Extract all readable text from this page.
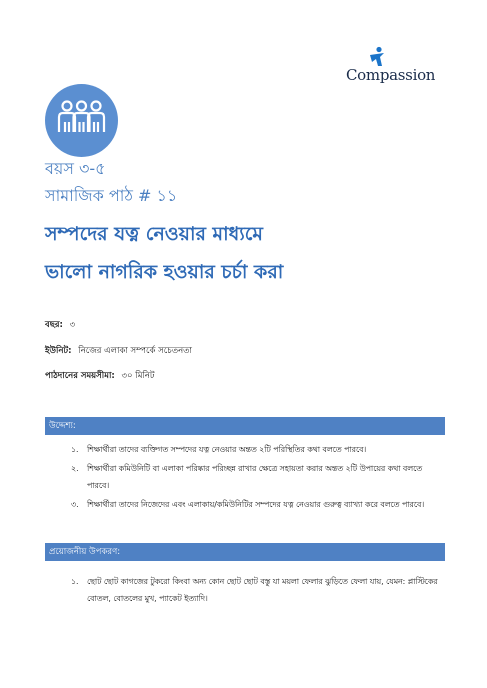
Compassion
বয়স ৩-৫
সামাজিক পাঠ # ১১
সম্পদের যত্ন নেওয়ার মাধ্যমে
ভালো নাগরিক হওয়ার চর্চা করা
বছর: ৩
ইউনিট: নিজের এলাকা সম্পর্কে সচেতনতা
পাঠদানের সময়সীমা: ৩০ মিনিট
উদ্দেশ্য:
১. শিক্ষার্থীরা তাদের ব্যক্তিগত সম্পদের যত্ন নেওয়ার অন্তত ২টি পরিস্থিতির কথা বলতে পারবে।
২. শিক্ষার্থীরা কমিউনিটি বা এলাকা পরিষ্কার পরিচ্ছন্ন রাখার ক্ষেত্রে সহায়তা করার অন্তত ২টি উপায়ের কথা বলতে পারবে।
৩. শিক্ষার্থীরা তাদের নিজেদের এবং এলাকায়/কমিউনিটির সম্পদের যত্ন নেওয়ার গুরুত্ব ব্যাখ্যা করে বলতে পারবে।
প্রয়োজনীয় উপকরণ:
১. ছোট ছোট কাগজের টুকরো কিংবা অন্য কোন ছোট ছোট বস্তু যা ময়লা ফেলার ঝুড়িতে ফেলা যায়, যেমন: প্লাস্টিকের বোতল, বোতলের মুখ, প্যাকেট ইত্যাদি।
